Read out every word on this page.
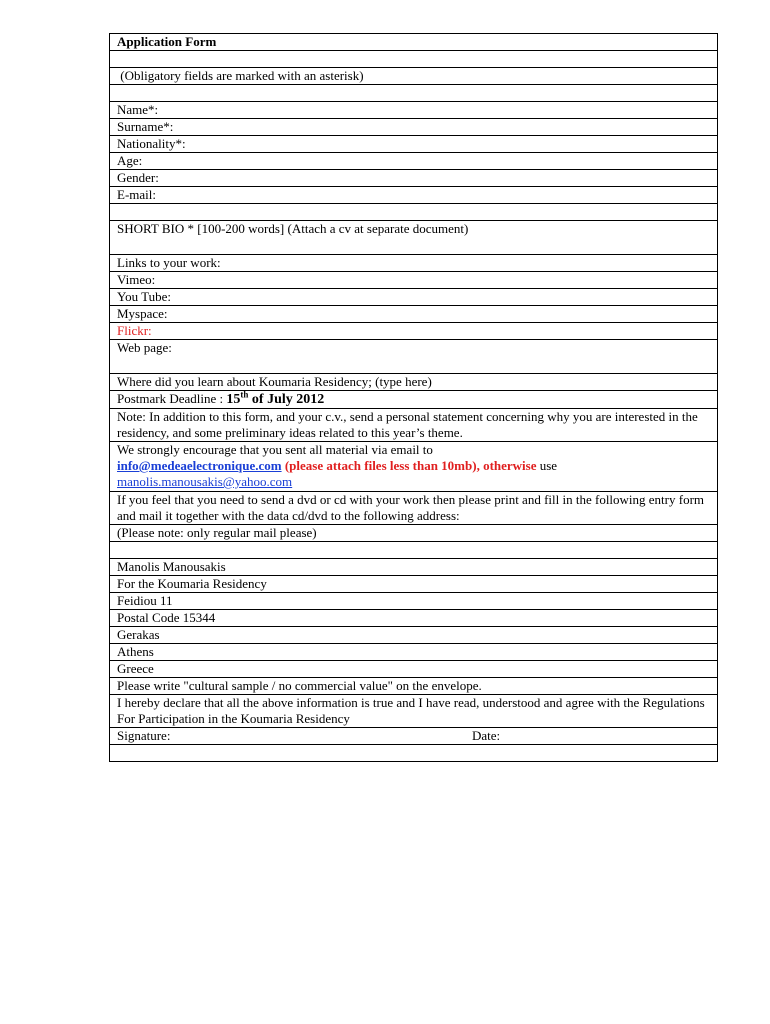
Application Form

(Obligatory fields are marked with an asterisk)

Name*:
Surname*:
Nationality*:
Age:
Gender:
E-mail:

SHORT BIO * [100-200 words] (Attach a cv at separate document)
Links to your work:
Vimeo:
You Tube:
Myspace:
Flickr:
Web page:
Where did you learn about Koumaria Residency; (type here)
Postmark Deadline : 15th of July 2012
Note: In addition to this form, and your c.v., send a personal statement concerning why you are interested in the residency, and some preliminary ideas related to this year’s theme.
We strongly encourage that you sent all material via email to
info@medeaelectronique.com (please attach files less than 10mb), otherwise use
manolis.manousakis@yahoo.com
If you feel that you need to send a dvd or cd with your work then please print and fill in the following entry form and mail it together with the data cd/dvd to the following address:
(Please note: only regular mail please)

Manolis Manousakis
For the Koumaria Residency
Feidiou 11
Postal Code 15344
Gerakas
Athens
Greece
Please write "cultural sample / no commercial value" on the envelope.
I hereby declare that all the above information is true and I have read, understood and agree with the Regulations For Participation in the Koumaria Residency
Signature:	Date:
